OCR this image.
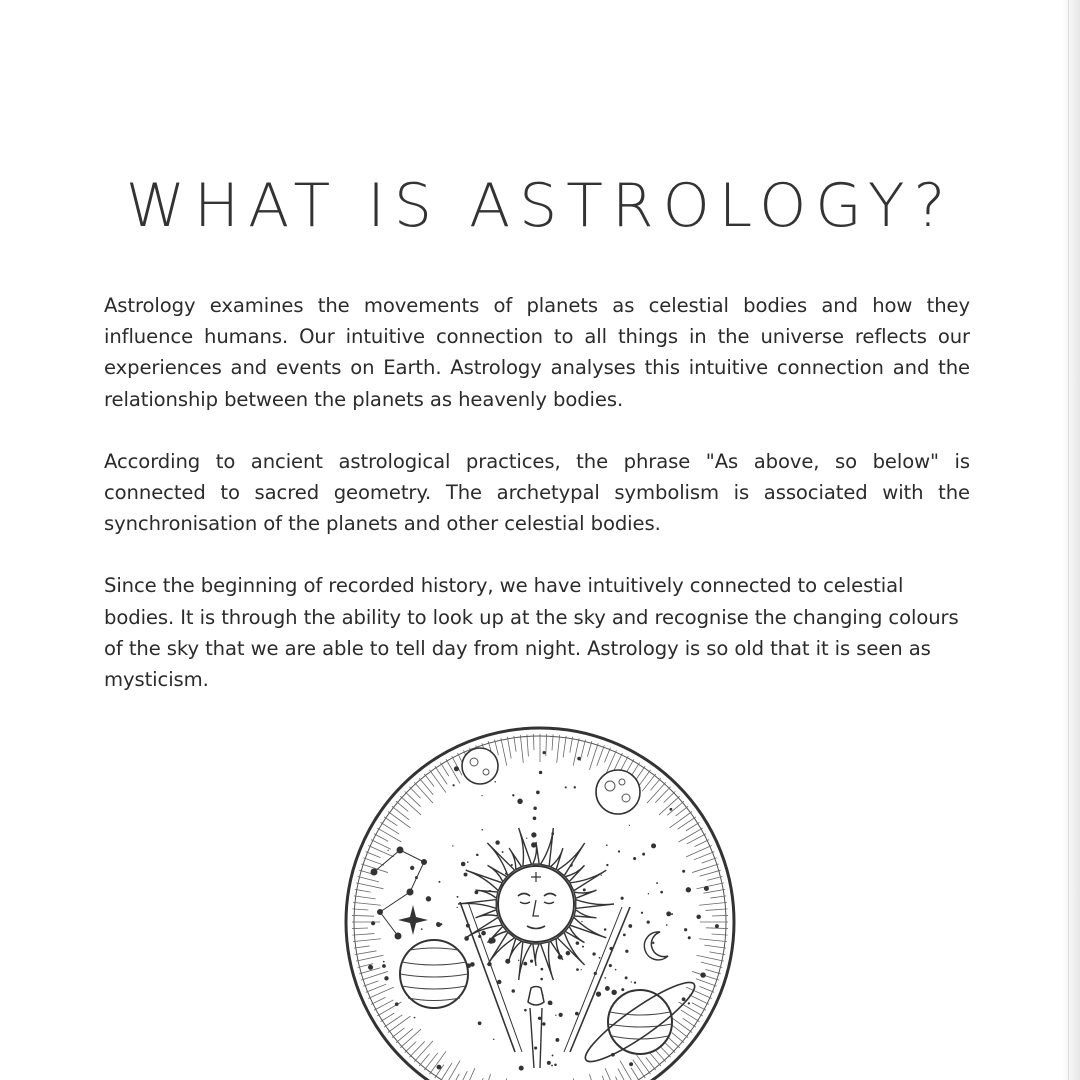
WHAT IS ASTROLOGY?

Astrology examines the movements of planets as celestial bodies and how they influence humans. Our intuitive connection to all things in the universe reflects our experiences and events on Earth. Astrology analyses this intuitive connection and the relationship between the planets as heavenly bodies.

According to ancient astrological practices, the phrase "As above, so below" is connected to sacred geometry. The archetypal symbolism is associated with the synchronisation of the planets and other celestial bodies.

Since the beginning of recorded history, we have intuitively connected to celestial bodies. It is through the ability to look up at the sky and recognise the changing colours of the sky that we are able to tell day from night. Astrology is so old that it is seen as mysticism.
